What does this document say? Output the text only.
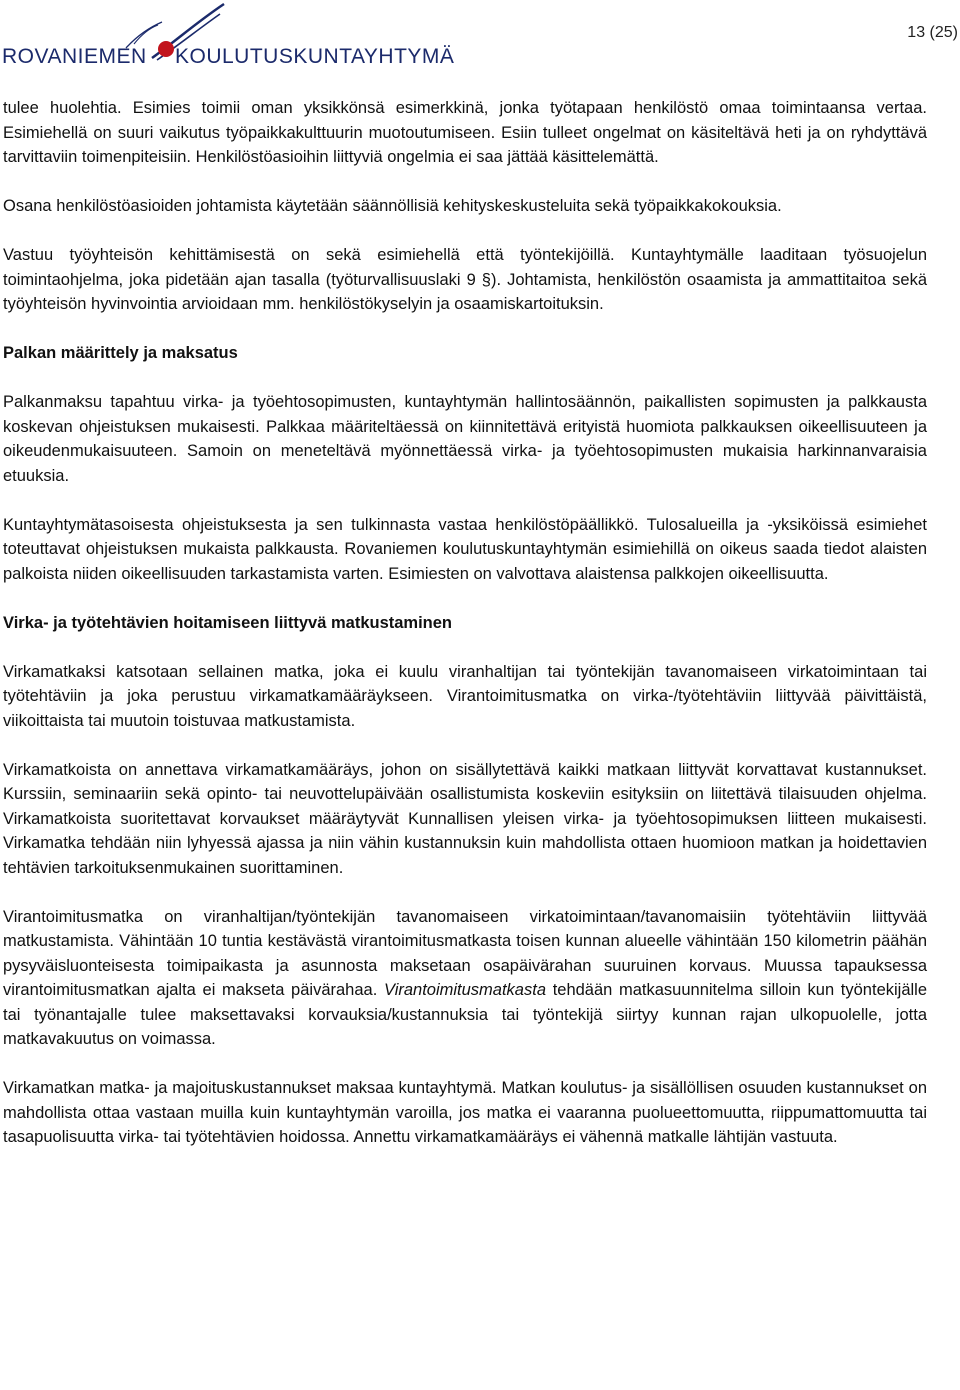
ROVANIEMEN KOULUTUSKUNTAYHTYMÄ
13 (25)

tulee huolehtia. Esimies toimii oman yksikkönsä esimerkkinä, jonka työtapaan henkilöstö omaa toimintaansa vertaa. Esimiehellä on suuri vaikutus työpaikkakulttuurin muotoutumiseen. Esiin tulleet ongelmat on käsiteltävä heti ja on ryhdyttävä tarvittaviin toimenpiteisiin. Henkilöstöasioihin liittyviä ongelmia ei saa jättää käsittelemättä.

Osana henkilöstöasioiden johtamista käytetään säännöllisiä kehityskeskusteluita sekä työpaikkakokouksia.

Vastuu työyhteisön kehittämisestä on sekä esimiehellä että työntekijöillä. Kuntayhtymälle laaditaan työsuojelun toimintaohjelma, joka pidetään ajan tasalla (työturvallisuuslaki 9 §). Johtamista, henkilöstön osaamista ja ammattitaitoa sekä työyhteisön hyvinvointia arvioidaan mm. henkilöstökyselyin ja osaamiskartoituksin.

Palkan määrittely ja maksatus

Palkanmaksu tapahtuu virka- ja työehtosopimusten, kuntayhtymän hallintosäännön, paikallisten sopimusten ja palkkausta koskevan ohjeistuksen mukaisesti. Palkkaa määriteltäessä on kiinnitettävä erityistä huomiota palkkauksen oikeellisuuteen ja oikeudenmukaisuuteen. Samoin on meneteltävä myönnettäessä virka- ja työehtosopimusten mukaisia harkinnanvaraisia etuuksia.

Kuntayhtymätasoisesta ohjeistuksesta ja sen tulkinnasta vastaa henkilöstöpäällikkö. Tulosalueilla ja -yksiköissä esimiehet toteuttavat ohjeistuksen mukaista palkkausta. Rovaniemen koulutuskuntayhtymän esimiehillä on oikeus saada tiedot alaisten palkoista niiden oikeellisuuden tarkastamista varten. Esimiesten on valvottava alaistensa palkkojen oikeellisuutta.

Virka- ja työtehtävien hoitamiseen liittyvä matkustaminen

Virkamatkaksi katsotaan sellainen matka, joka ei kuulu viranhaltijan tai työntekijän tavanomaiseen virkatoimintaan tai työtehtäviin ja joka perustuu virkamatkamääräykseen. Virantoimitusmatka on virka-/työtehtäviin liittyvää päivittäistä, viikoittaista tai muutoin toistuvaa matkustamista.

Virkamatkoista on annettava virkamatkamääräys, johon on sisällytettävä kaikki matkaan liittyvät korvattavat kustannukset. Kurssiin, seminaariin sekä opinto- tai neuvottelupäivään osallistumista koskeviin esityksiin on liitettävä tilaisuuden ohjelma. Virkamatkoista suoritettavat korvaukset määräytyvät Kunnallisen yleisen virka- ja työehtosopimuksen liitteen mukaisesti. Virkamatka tehdään niin lyhyessä ajassa ja niin vähin kustannuksin kuin mahdollista ottaen huomioon matkan ja hoidettavien tehtävien tarkoituksenmukainen suorittaminen.

Virantoimitusmatka on viranhaltijan/työntekijän tavanomaiseen virkatoimintaan/tavanomaisiin työtehtäviin liittyvää matkustamista. Vähintään 10 tuntia kestävästä virantoimitusmatkasta toisen kunnan alueelle vähintään 150 kilometrin päähän pysyväisluonteisesta toimipaikasta ja asunnosta maksetaan osapäivärahan suuruinen korvaus. Muussa tapauksessa virantoimitusmatkan ajalta ei makseta päivärahaa. Virantoimitusmatkasta tehdään matkasuunnitelma silloin kun työntekijälle tai työnantajalle tulee maksettavaksi korvauksia/kustannuksia tai työntekijä siirtyy kunnan rajan ulkopuolelle, jotta matkavakuutus on voimassa.

Virkamatkan matka- ja majoituskustannukset maksaa kuntayhtymä. Matkan koulutus- ja sisällöllisen osuuden kustannukset on mahdollista ottaa vastaan muilla kuin kuntayhtymän varoilla, jos matka ei vaaranna puolueettomuutta, riippumattomuutta tai tasapuolisuutta virka- tai työtehtävien hoidossa. Annettu virkamatkamääräys ei vähennä matkalle lähtijän vastuuta.
